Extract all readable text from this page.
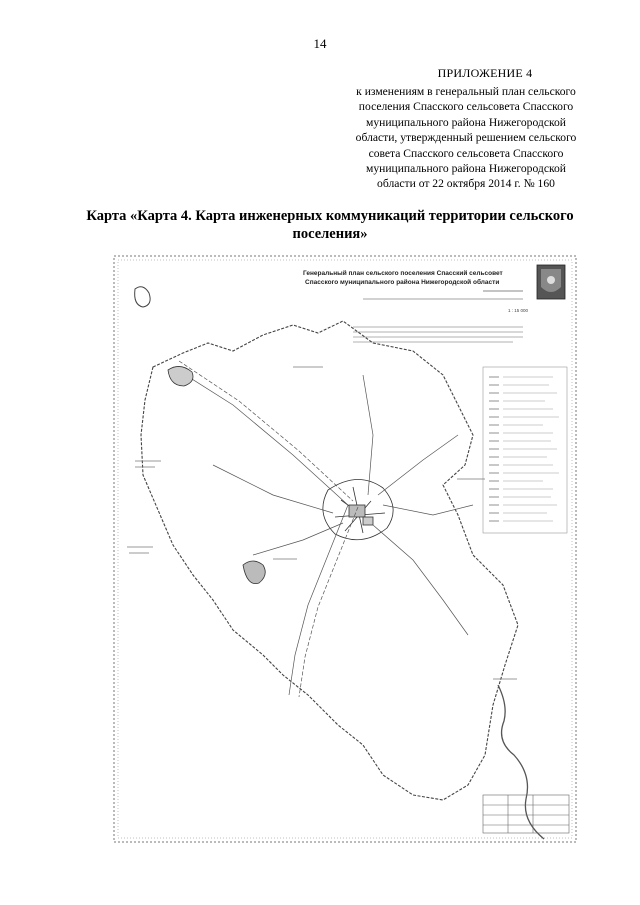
14
ПРИЛОЖЕНИЕ 4
к изменениям в генеральный план сельского
поселения Спасского сельсовета Спасского
муниципального района Нижегородской
области, утвержденный решением сельского
совета Спасского сельсовета Спасского
муниципального района Нижегородской
области от 22 октября 2014 г. № 160
Карта «Карта 4. Карта инженерных коммуникаций территории сельского поселения»
Генеральный план сельского поселения Спасский сельсовет
Спасского муниципального района Нижегородской области
1 : 15 000
